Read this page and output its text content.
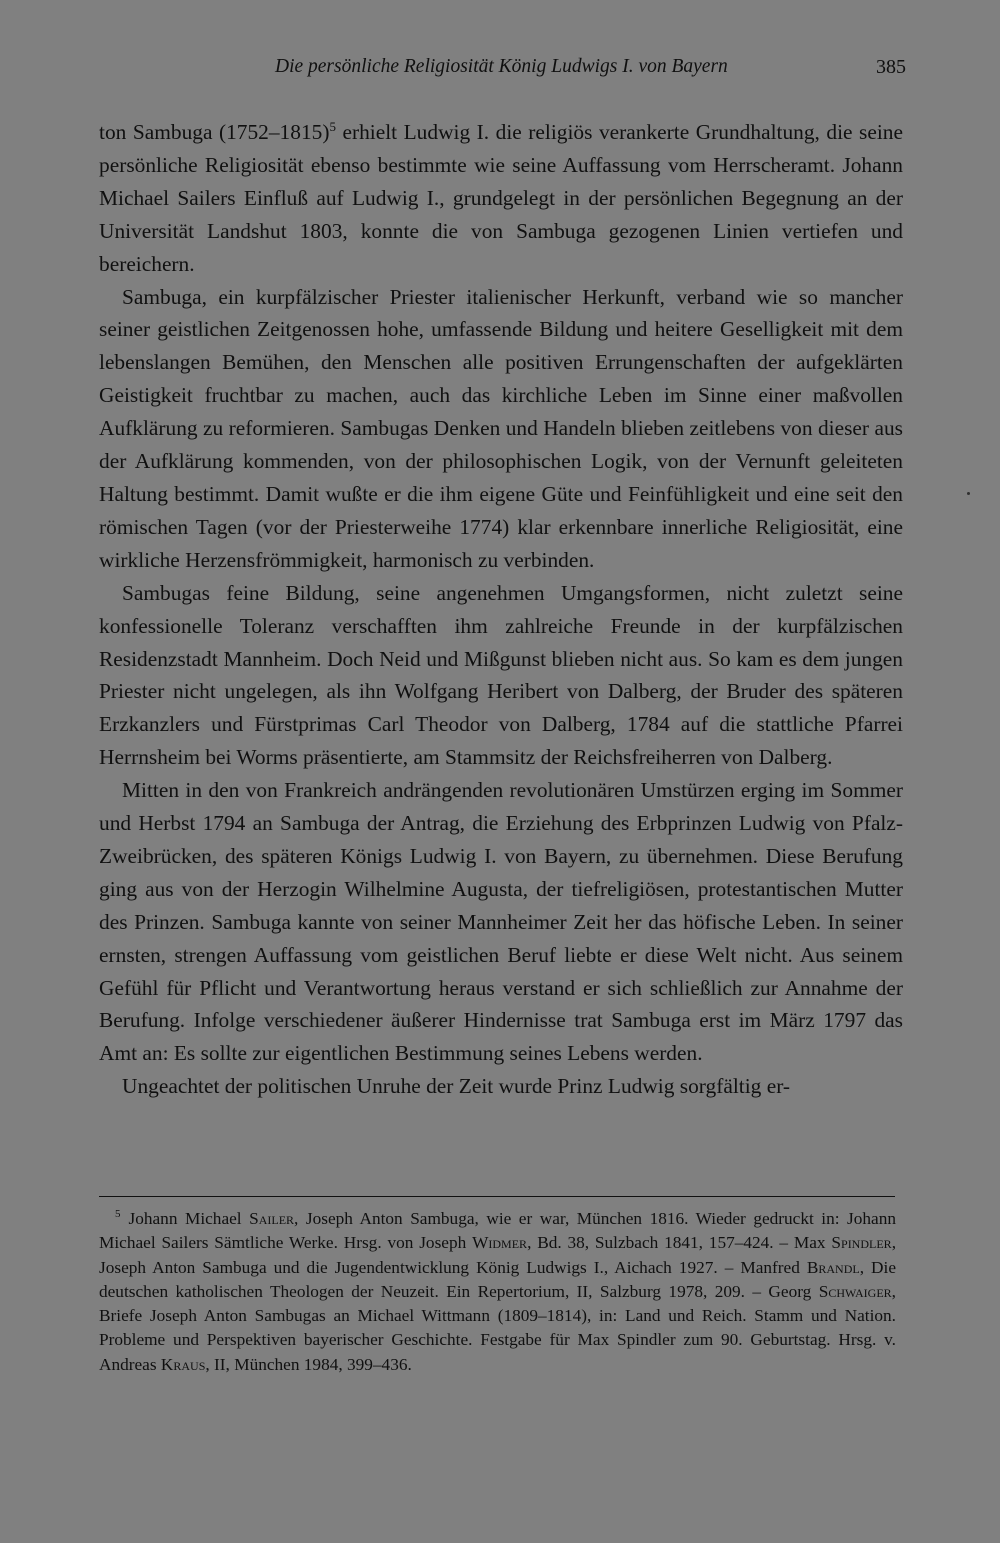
Die persönliche Religiosität König Ludwigs I. von Bayern	385

ton Sambuga (1752–1815)$^5$ erhielt Ludwig I. die religiös verankerte Grundhaltung, die seine persönliche Religiosität ebenso bestimmte wie seine Auffassung vom Herrscheramt. Johann Michael Sailers Einfluß auf Ludwig I., grundgelegt in der persönlichen Begegnung an der Universität Landshut 1803, konnte die von Sambuga gezogenen Linien vertiefen und bereichern.

Sambuga, ein kurpfälzischer Priester italienischer Herkunft, verband wie so mancher seiner geistlichen Zeitgenossen hohe, umfassende Bildung und heitere Geselligkeit mit dem lebenslangen Bemühen, den Menschen alle positiven Errungenschaften der aufgeklärten Geistigkeit fruchtbar zu machen, auch das kirchliche Leben im Sinne einer maßvollen Aufklärung zu reformieren. Sambugas Denken und Handeln blieben zeitlebens von dieser aus der Aufklärung kommenden, von der philosophischen Logik, von der Vernunft geleiteten Haltung bestimmt. Damit wußte er die ihm eigene Güte und Feinfühligkeit und eine seit den römischen Tagen (vor der Priesterweihe 1774) klar erkennbare innerliche Religiosität, eine wirkliche Herzensfrömmigkeit, harmonisch zu verbinden.

Sambugas feine Bildung, seine angenehmen Umgangsformen, nicht zuletzt seine konfessionelle Toleranz verschafften ihm zahlreiche Freunde in der kurpfälzischen Residenzstadt Mannheim. Doch Neid und Mißgunst blieben nicht aus. So kam es dem jungen Priester nicht ungelegen, als ihn Wolfgang Heribert von Dalberg, der Bruder des späteren Erzkanzlers und Fürstprimas Carl Theodor von Dalberg, 1784 auf die stattliche Pfarrei Herrnsheim bei Worms präsentierte, am Stammsitz der Reichsfreiherren von Dalberg.

Mitten in den von Frankreich andrängenden revolutionären Umstürzen erging im Sommer und Herbst 1794 an Sambuga der Antrag, die Erziehung des Erbprinzen Ludwig von Pfalz-Zweibrücken, des späteren Königs Ludwig I. von Bayern, zu übernehmen. Diese Berufung ging aus von der Herzogin Wilhelmine Augusta, der tiefreligiösen, protestantischen Mutter des Prinzen. Sambuga kannte von seiner Mannheimer Zeit her das höfische Leben. In seiner ernsten, strengen Auffassung vom geistlichen Beruf liebte er diese Welt nicht. Aus seinem Gefühl für Pflicht und Verantwortung heraus verstand er sich schließlich zur Annahme der Berufung. Infolge verschiedener äußerer Hindernisse trat Sambuga erst im März 1797 das Amt an: Es sollte zur eigentlichen Bestimmung seines Lebens werden.

Ungeachtet der politischen Unruhe der Zeit wurde Prinz Ludwig sorgfältig er-

$^5$ Johann Michael Sailer, Joseph Anton Sambuga, wie er war, München 1816. Wieder gedruckt in: Johann Michael Sailers Sämtliche Werke. Hrsg. von Joseph Widmer, Bd. 38, Sulzbach 1841, 157–424. – Max Spindler, Joseph Anton Sambuga und die Jugendentwicklung König Ludwigs I., Aichach 1927. – Manfred Brandl, Die deutschen katholischen Theologen der Neuzeit. Ein Repertorium, II, Salzburg 1978, 209. – Georg Schwaiger, Briefe Joseph Anton Sambugas an Michael Wittmann (1809–1814), in: Land und Reich. Stamm und Nation. Probleme und Perspektiven bayerischer Geschichte. Festgabe für Max Spindler zum 90. Geburtstag. Hrsg. v. Andreas Kraus, II, München 1984, 399–436.
